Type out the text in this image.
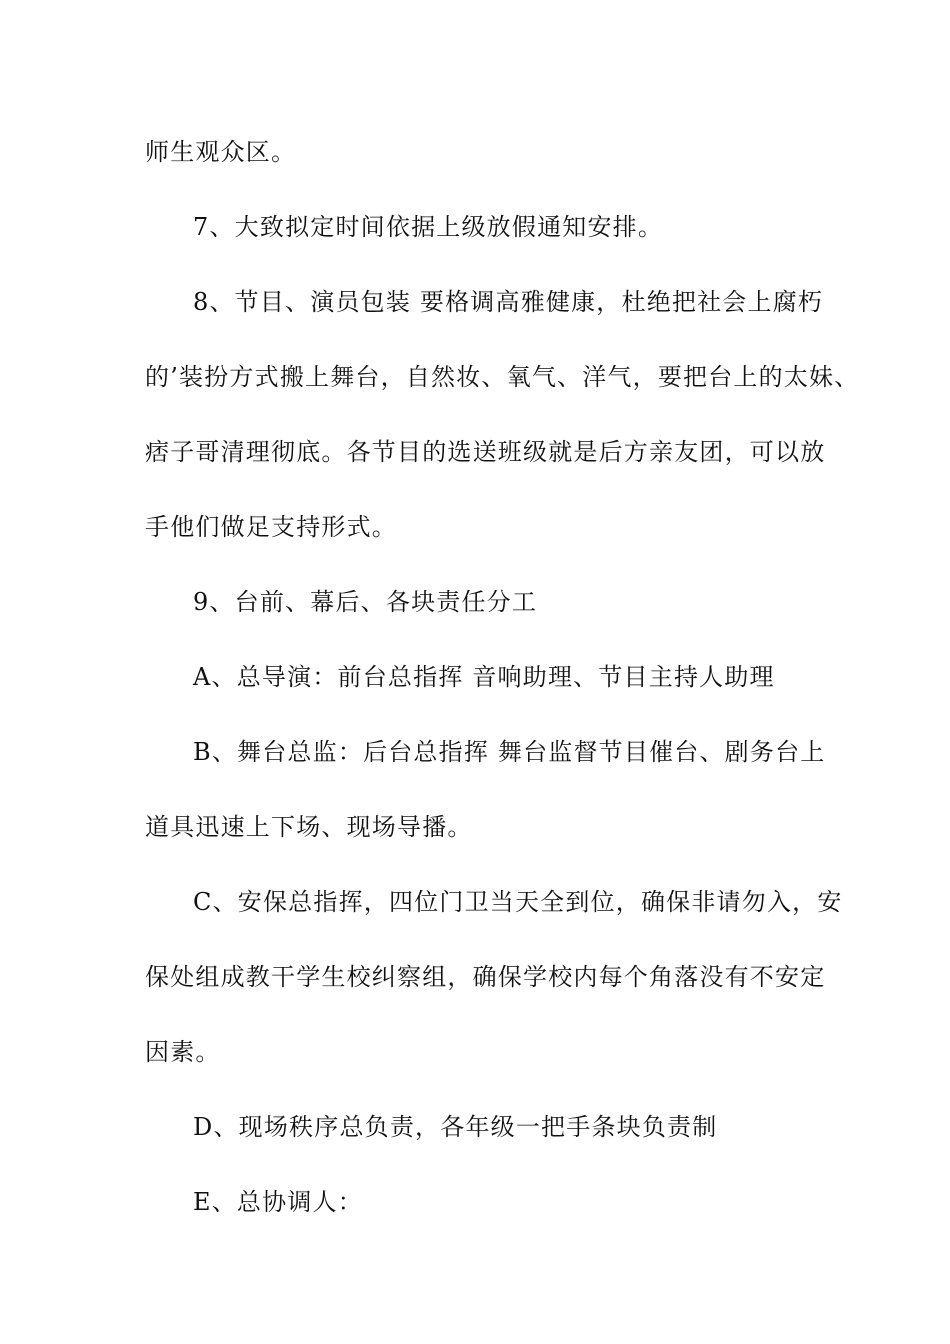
师生观众区。
7、大致拟定时间依据上级放假通知安排。
8、节目、演员包装 要格调高雅健康，杜绝把社会上腐朽
的’装扮方式搬上舞台，自然妆、氧气、洋气，要把台上的太妹、
痞子哥清理彻底。各节目的选送班级就是后方亲友团，可以放
手他们做足支持形式。
9、台前、幕后、各块责任分工
A、总导演：前台总指挥 音响助理、节目主持人助理
B、舞台总监：后台总指挥 舞台监督节目催台、剧务台上
道具迅速上下场、现场导播。
C、安保总指挥，四位门卫当天全到位，确保非请勿入，安
保处组成教干学生校纠察组，确保学校内每个角落没有不安定
因素。
D、现场秩序总负责，各年级一把手条块负责制
E、总协调人：
